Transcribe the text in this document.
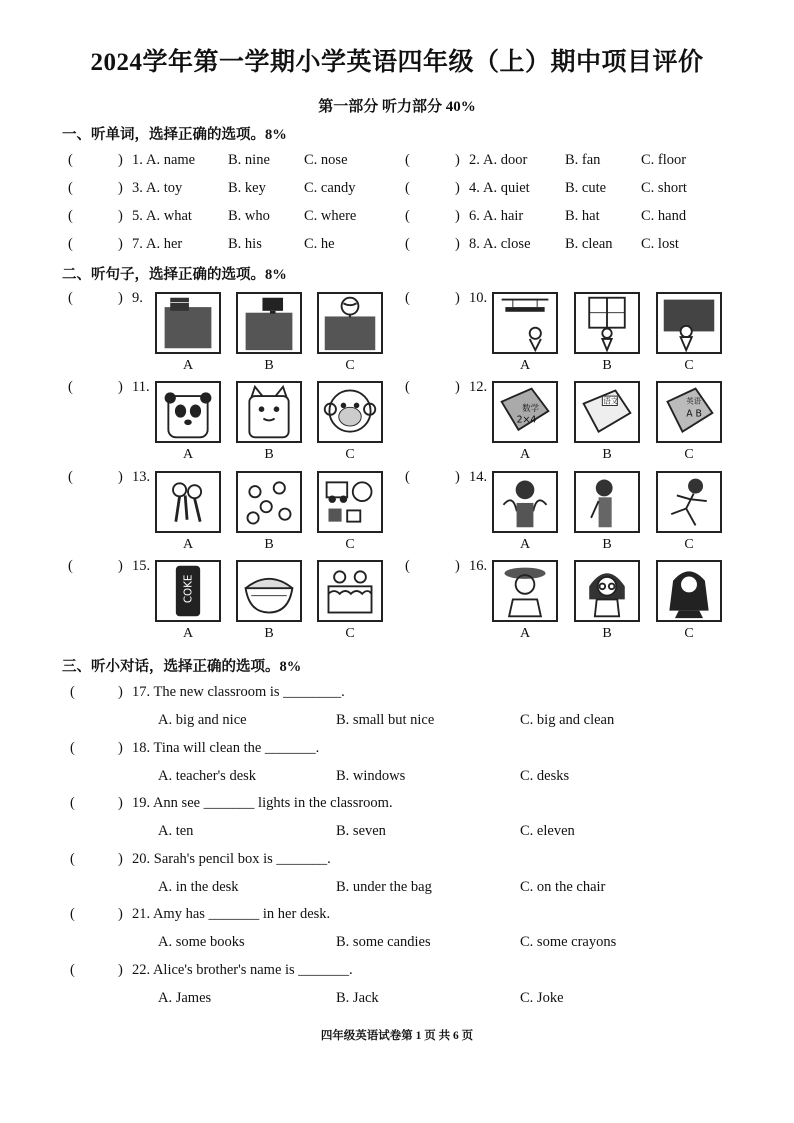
2024学年第一学期小学英语四年级（上）期中项目评价
第一部分 听力部分 40%
一、听单词，选择正确的选项。8%
(	) 1. A. name B. nine C. nose	(	) 2. A. door	B. fan	C. floor
(	) 3. A. toy	B. key	C. candy	(	) 4. A. quiet B. cute C. short
(	) 5. A. what B. who C. where	(	) 6. A. hair	B. hat	C. hand
(	) 7. A. her	B. his	C. he	(	) 8. A. close B. clean C. lost
二、听句子，选择正确的选项。8%
(	) 9.
A	B	C
(	) 10.
A	B	C
(	) 11.
A	B	C
(	) 12.
数学
2×4
A
语文
B
英语
A B
C
(	) 13.
A	B	C
(	) 14.
A	B	C
(	) 15.
COKE
A	B	C
(	) 16.
A	B	C
三、听小对话，选择正确的选项。8%
(	) 17. The new classroom is ________.
A. big and nice	B. small but nice	C. big and clean
(	) 18. Tina will clean the _______.
A. teacher's desk	B. windows	C. desks
(	) 19. Ann see _______ lights in the classroom.
A. ten	B. seven	C. eleven
(	) 20. Sarah's pencil box is _______.
A. in the desk	B. under the bag	C. on the chair
(	) 21. Amy has _______ in her desk.
A. some books	B. some candies	C. some crayons
(	) 22. Alice's brother's name is _______.
A. James	B. Jack	C. Joke
四年级英语试卷第 1 页 共 6 页
